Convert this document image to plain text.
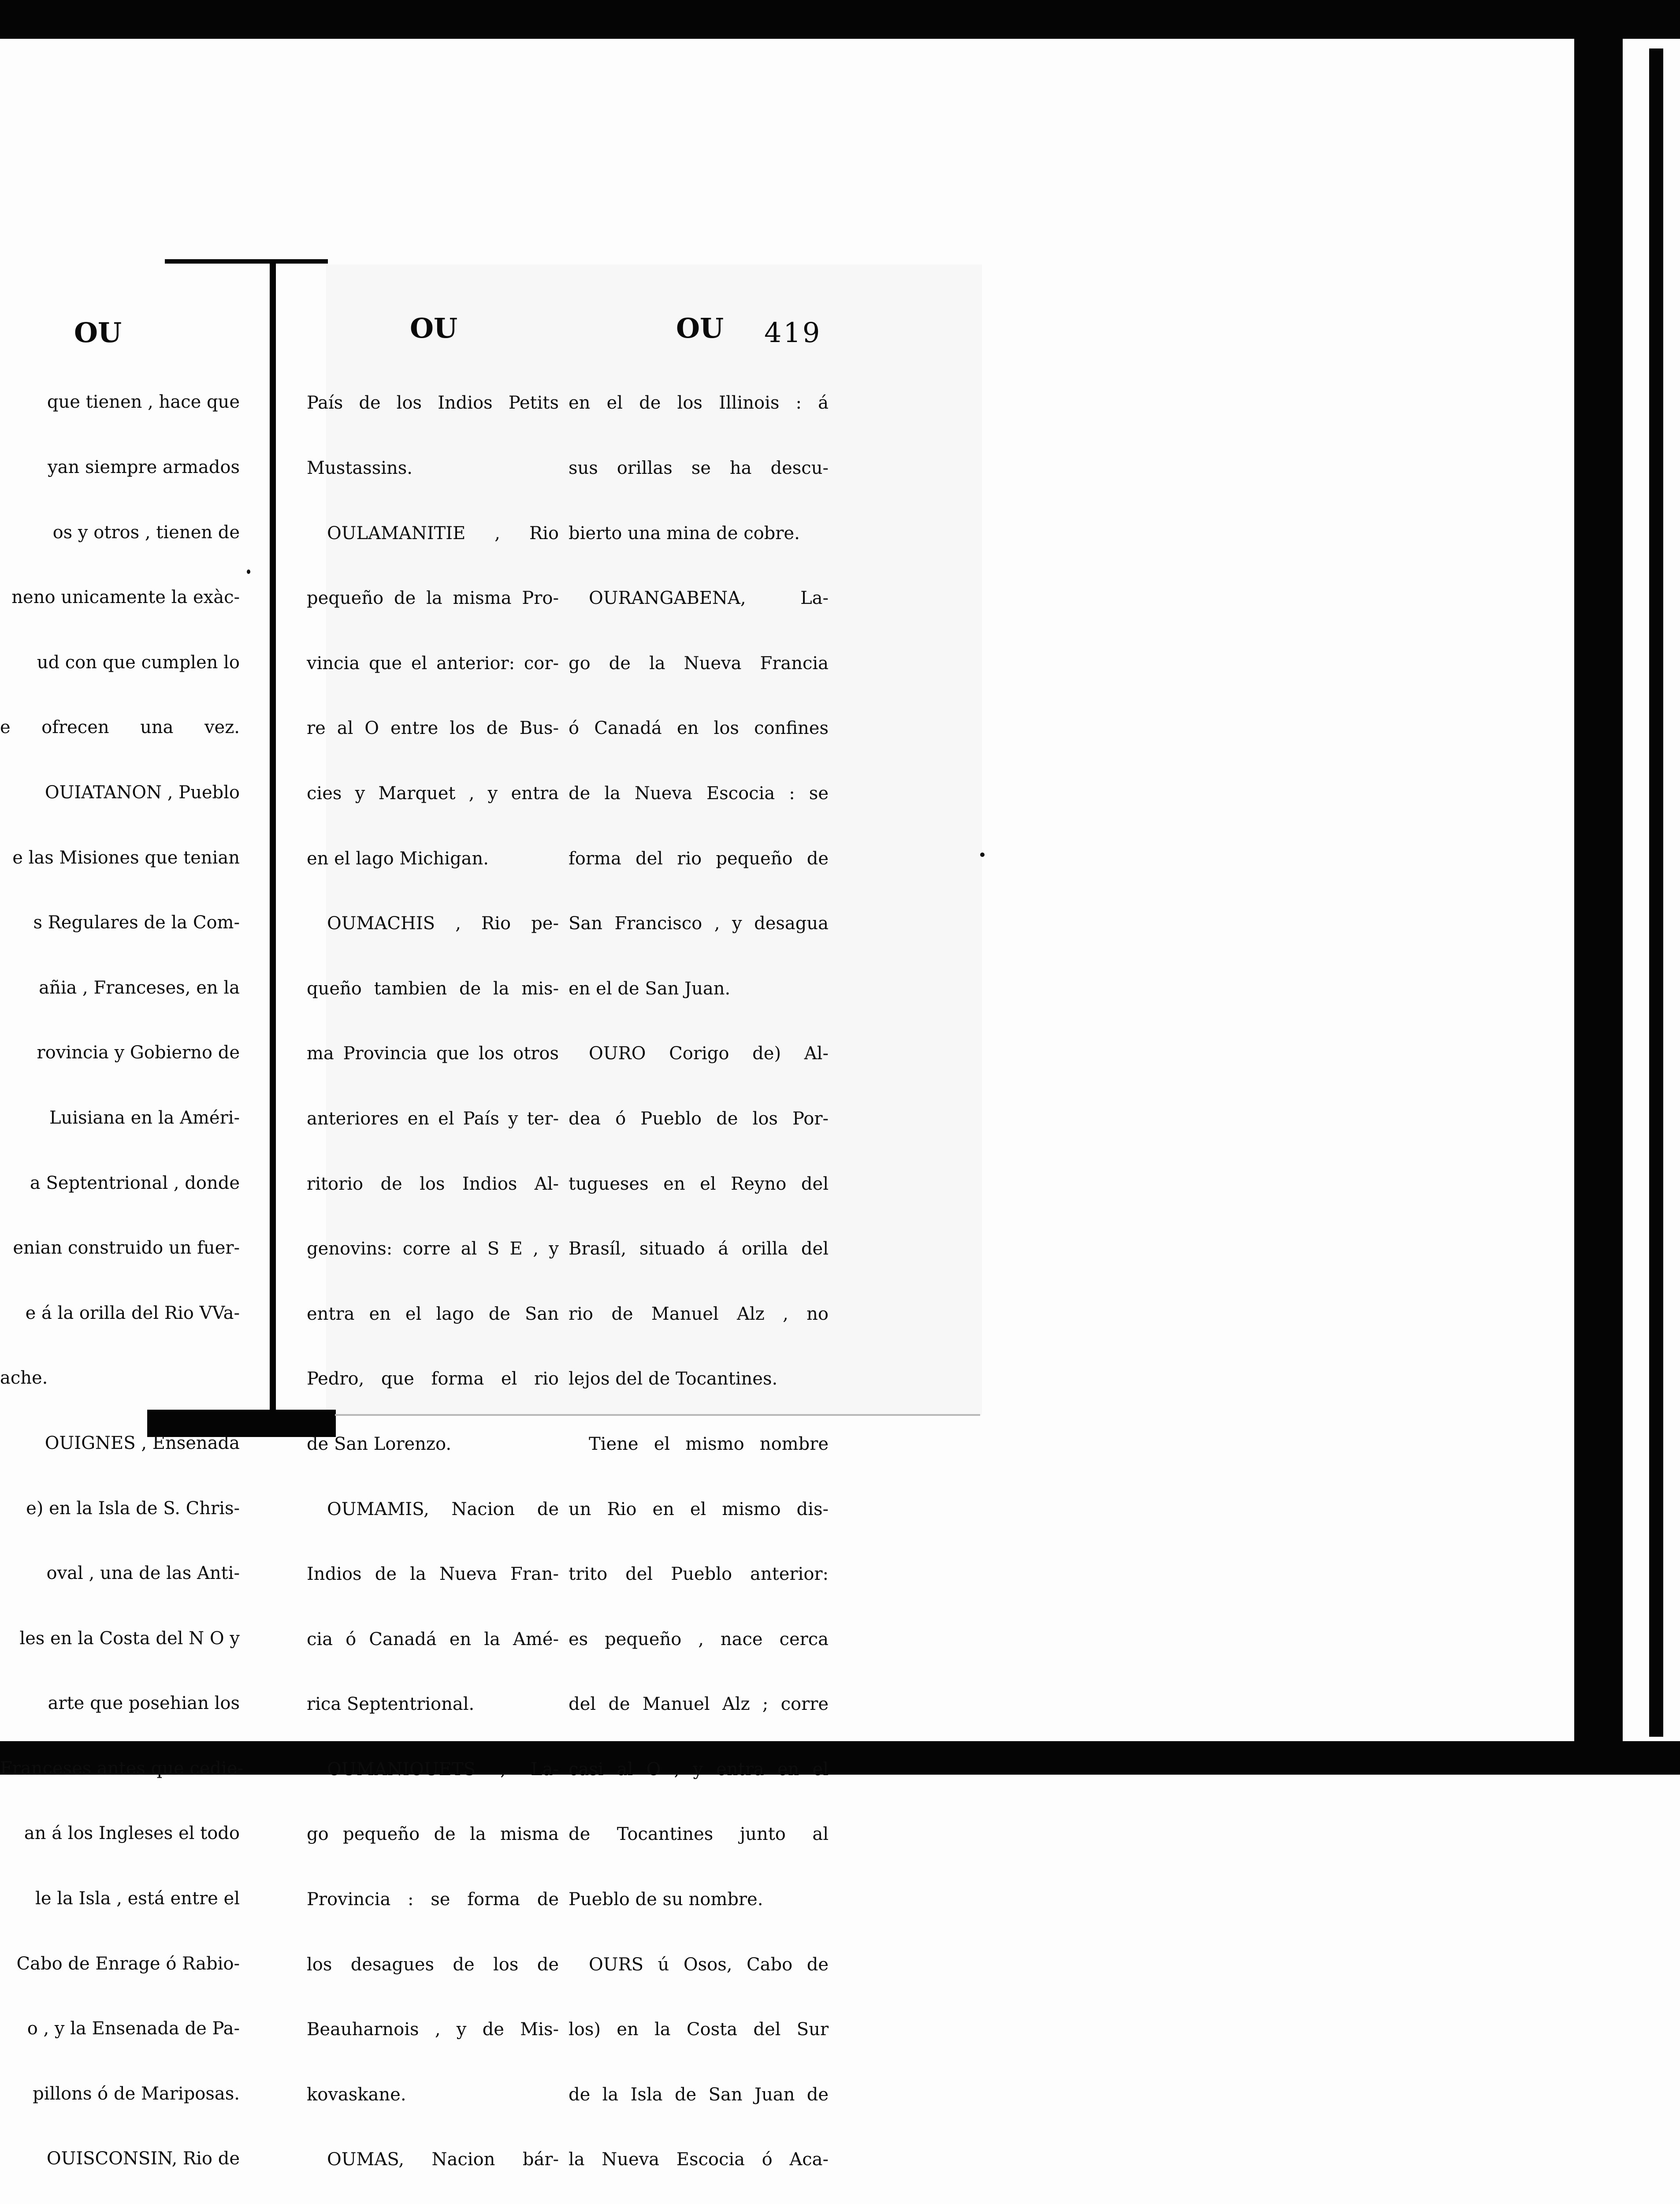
OU

que tienen , hace que

yan siempre armados

os y otros , tienen de

neno unicamente la exàc-

ud con que cumplen lo

e ofrecen una vez.

OUIATANON , Pueblo

e las Misiones que tenian

s Regulares de la Com-

añia , Franceses, en la

rovincia y Gobierno de

Luisiana en la Améri-

a Septentrional , donde

enian construido un fuer-

e á la orilla del Rio VVa-

ache.

OUIGNES , Ensenada

e) en la Isla de S. Chris-

oval , una de las Anti-

les en la Costa del N O y

arte que posehian los

Franceses antes que cedie-

an á los Ingleses el todo

le la Isla , está entre el

Cabo de Enrage ó Rabio-

o , y la Ensenada de Pa-

pillons ó de Mariposas.

OUISCONSIN, Rio de

OU	OU 419

País de los Indios Petits

Mustassins.

OULAMANITIE , Rio

pequeño de la misma Pro-

vincia que el anterior: cor-

re al O entre los de Bus-

cies y Marquet , y entra

en el lago Michigan.

OUMACHIS , Rio pe-

queño tambien de la mis-

ma Provincia que los otros

anteriores en el País y ter-

ritorio de los Indios Al-

genovins: corre al S E , y

entra en el lago de San

Pedro, que forma el rio

de San Lorenzo.

OUMAMIS, Nacion de

Indios de la Nueva Fran-

cia ó Canadá en la Amé-

rica Septentrional.

OUMANIOUETS , La-

go pequeño de la misma

Provincia : se forma de

los desagues de los de

Beauharnois , y de Mis-

kovaskane.

OUMAS, Nacion bár-

en el de los Illinois : á

sus orillas se ha descu-

bierto una mina de cobre.

OURANGABENA, La-

go de la Nueva Francia

ó Canadá en los confines

de la Nueva Escocia : se

forma del rio pequeño de

San Francisco , y desagua

en el de San Juan.

OURO Corigo de) Al-

dea ó Pueblo de los Por-

tugueses en el Reyno del

Brasíl, situado á orilla del

rio de Manuel Alz , no

lejos del de Tocantines.

Tiene el mismo nombre

un Rio en el mismo dis-

trito del Pueblo anterior:

es pequeño , nace cerca

del de Manuel Alz ; corre

casi al O , y entra en el

de Tocantines junto al

Pueblo de su nombre.

OURS ú Osos, Cabo de

los) en la Costa del Sur

de la Isla de San Juan de

la Nueva Escocia ó Aca-
